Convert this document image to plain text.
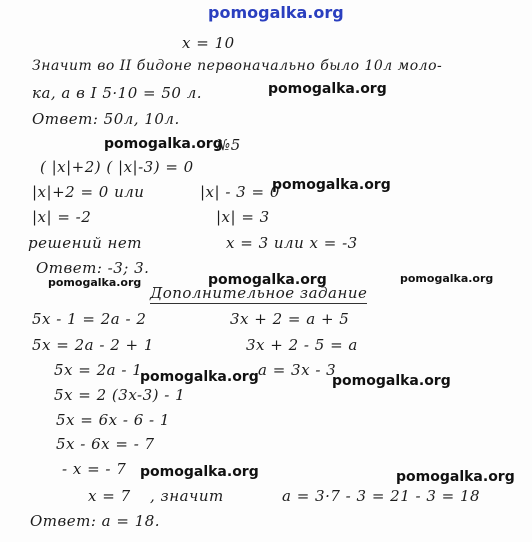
pomogalka.org
x = 10
Значит во II бидоне первоначально было 10л моло-
ка, а в I 5·10 = 50 л.
Ответ: 50л, 10л.
№5
( |x|+2) ( |x|-3) = 0
|x|+2 = 0 или	|x| - 3 = 0
|x| = -2	|x| = 3
решений нет	x = 3 или x = -3
Ответ: -3; 3.
Дополнительное задание
5x - 1 = 2a - 2	3x + 2 = a + 5
5x = 2a - 2 + 1	3x + 2 - 5 = a
5x = 2a - 1	a = 3x - 3
5x = 2 (3x-3) - 1
5x = 6x - 6 - 1
5x - 6x = - 7
- x = - 7
x = 7 , значит	a = 3·7 - 3 = 21 - 3 = 18
Ответ: a = 18.
pomogalka.org
pomogalka.org
pomogalka.org
pomogalka.org	pomogalka.org	pomogalka.org
pomogalka.org	pomogalka.org
pomogalka.org	pomogalka.org
